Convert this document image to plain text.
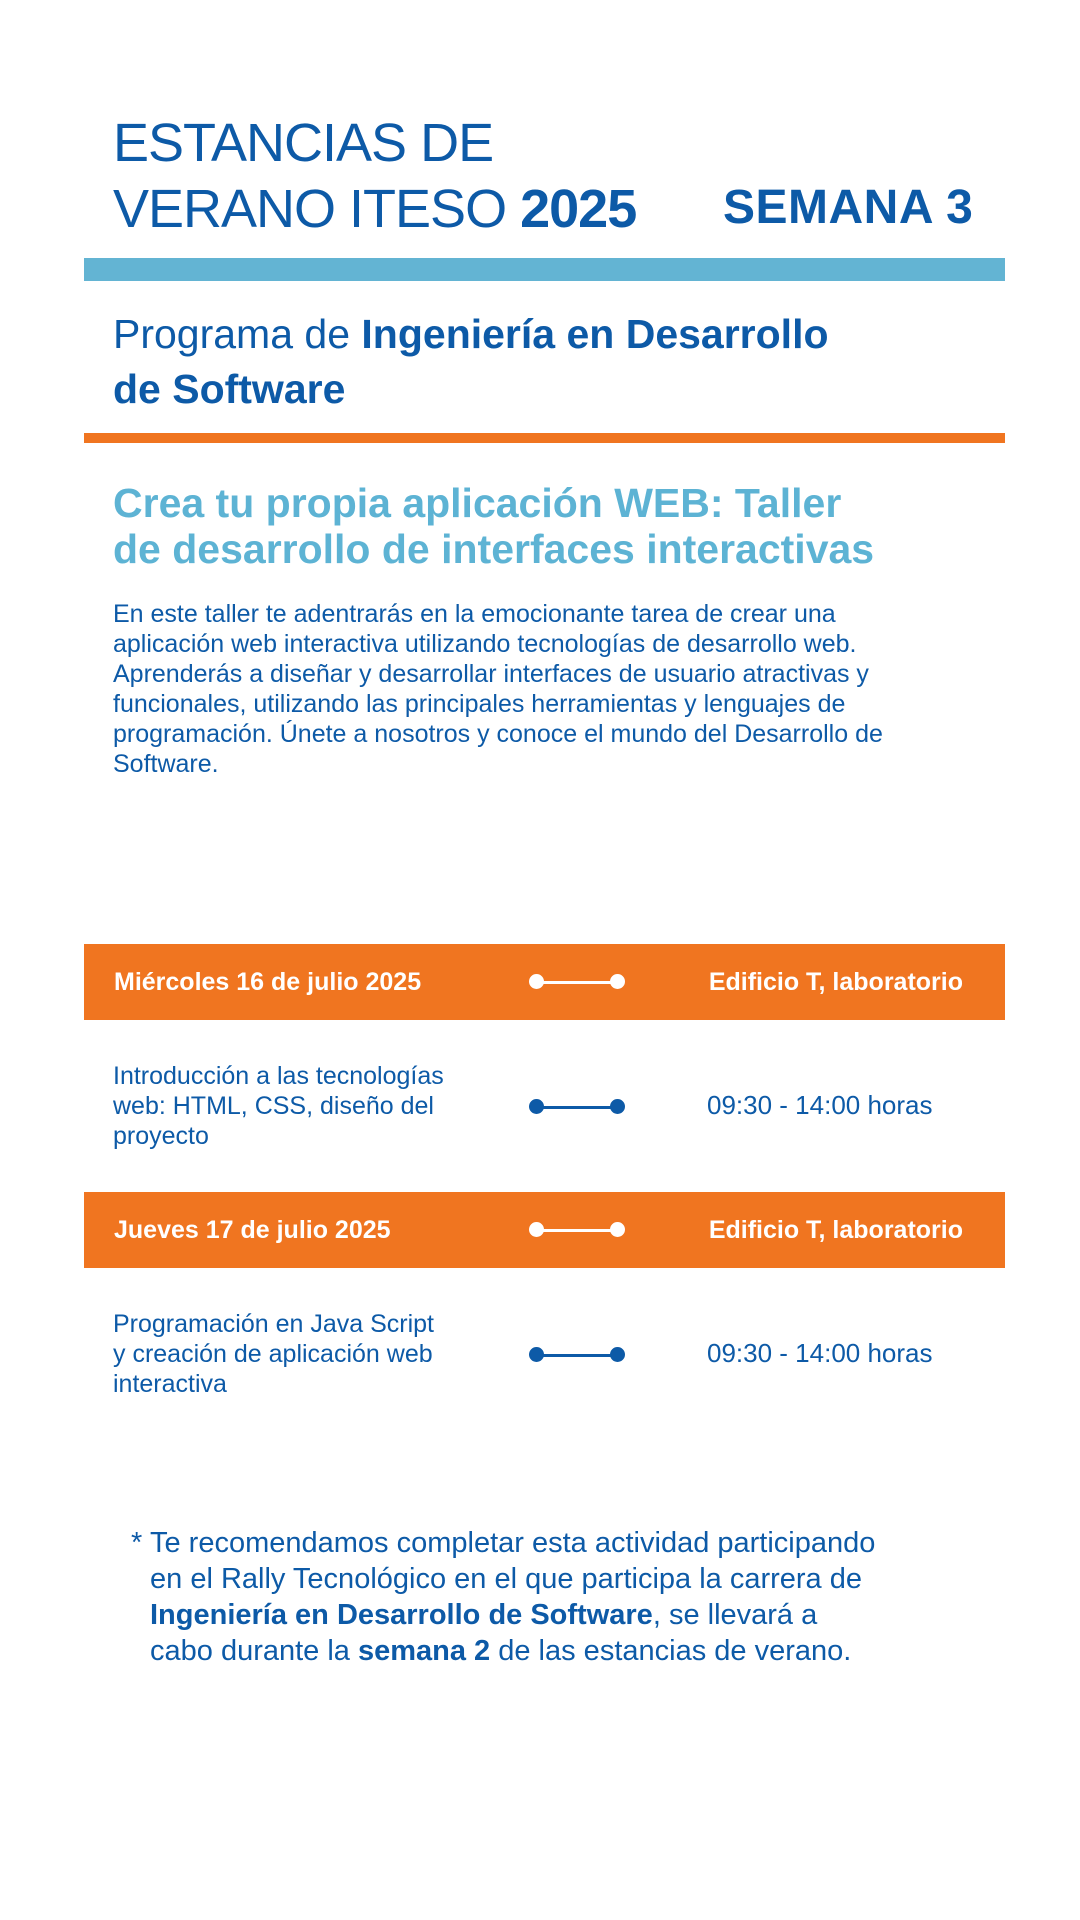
ESTANCIAS DE
VERANO ITESO 2025 SEMANA 3
Programa de Ingeniería en Desarrollo
de Software
Crea tu propia aplicación WEB: Taller
de desarrollo de interfaces interactivas
En este taller te adentrarás en la emocionante tarea de crear una
aplicación web interactiva utilizando tecnologías de desarrollo web.
Aprenderás a diseñar y desarrollar interfaces de usuario atractivas y
funcionales, utilizando las principales herramientas y lenguajes de
programación. Únete a nosotros y conoce el mundo del Desarrollo de
Software.
Miércoles 16 de julio 2025	Edificio T, laboratorio
Introducción a las tecnologías
web: HTML, CSS, diseño del
proyecto
09:30 - 14:00 horas
Jueves 17 de julio 2025	Edificio T, laboratorio
Programación en Java Script
y creación de aplicación web
interactiva
09:30 - 14:00 horas
* Te recomendamos completar esta actividad participando
en el Rally Tecnológico en el que participa la carrera de
Ingeniería en Desarrollo de Software, se llevará a
cabo durante la semana 2 de las estancias de verano.
